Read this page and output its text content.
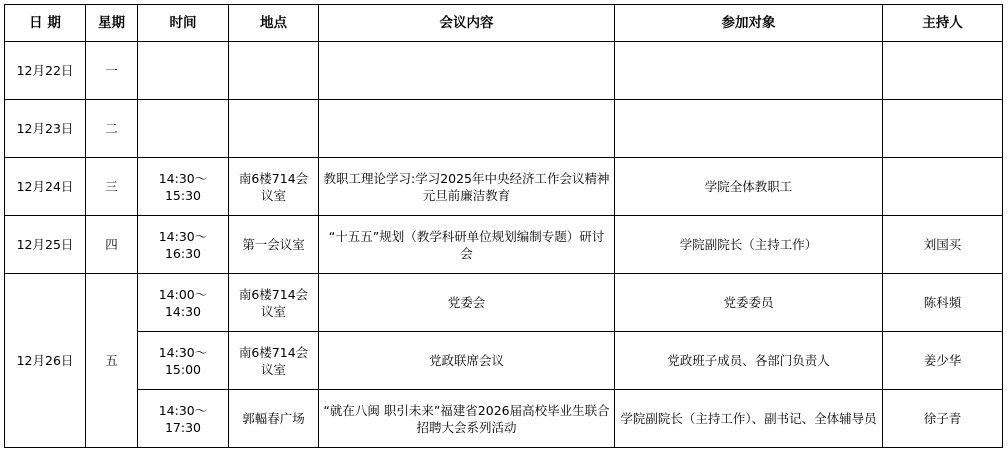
日 期	星期	时间	地点	会议内容	参加对象	主持人
12月22日	一					
12月23日	二					
12月24日	三	14:30～15:30	南6楼714会议室	教职工理论学习:学习2025年中央经济工作会议精神元旦前廉洁教育	学院全体教职工	
12月25日	四	14:30～16:30	第一会议室	“十五五”规划（教学科研单位规划编制专题）研讨会	学院副院长（主持工作）	刘国买
12月26日	五	14:00～14:30	南6楼714会议室	党委会	党委委员	陈科頻
		14:30～15:00	南6楼714会议室	党政联席会议	党政班子成员、各部门负责人	姜少华
		14:30～17:30	郭輻春广场	“就在八闽 职引未来”福建省2026届高校毕业生联合招聘大会系列活动	学院副院长（主持工作）、副书记、全体辅导员	徐子青
